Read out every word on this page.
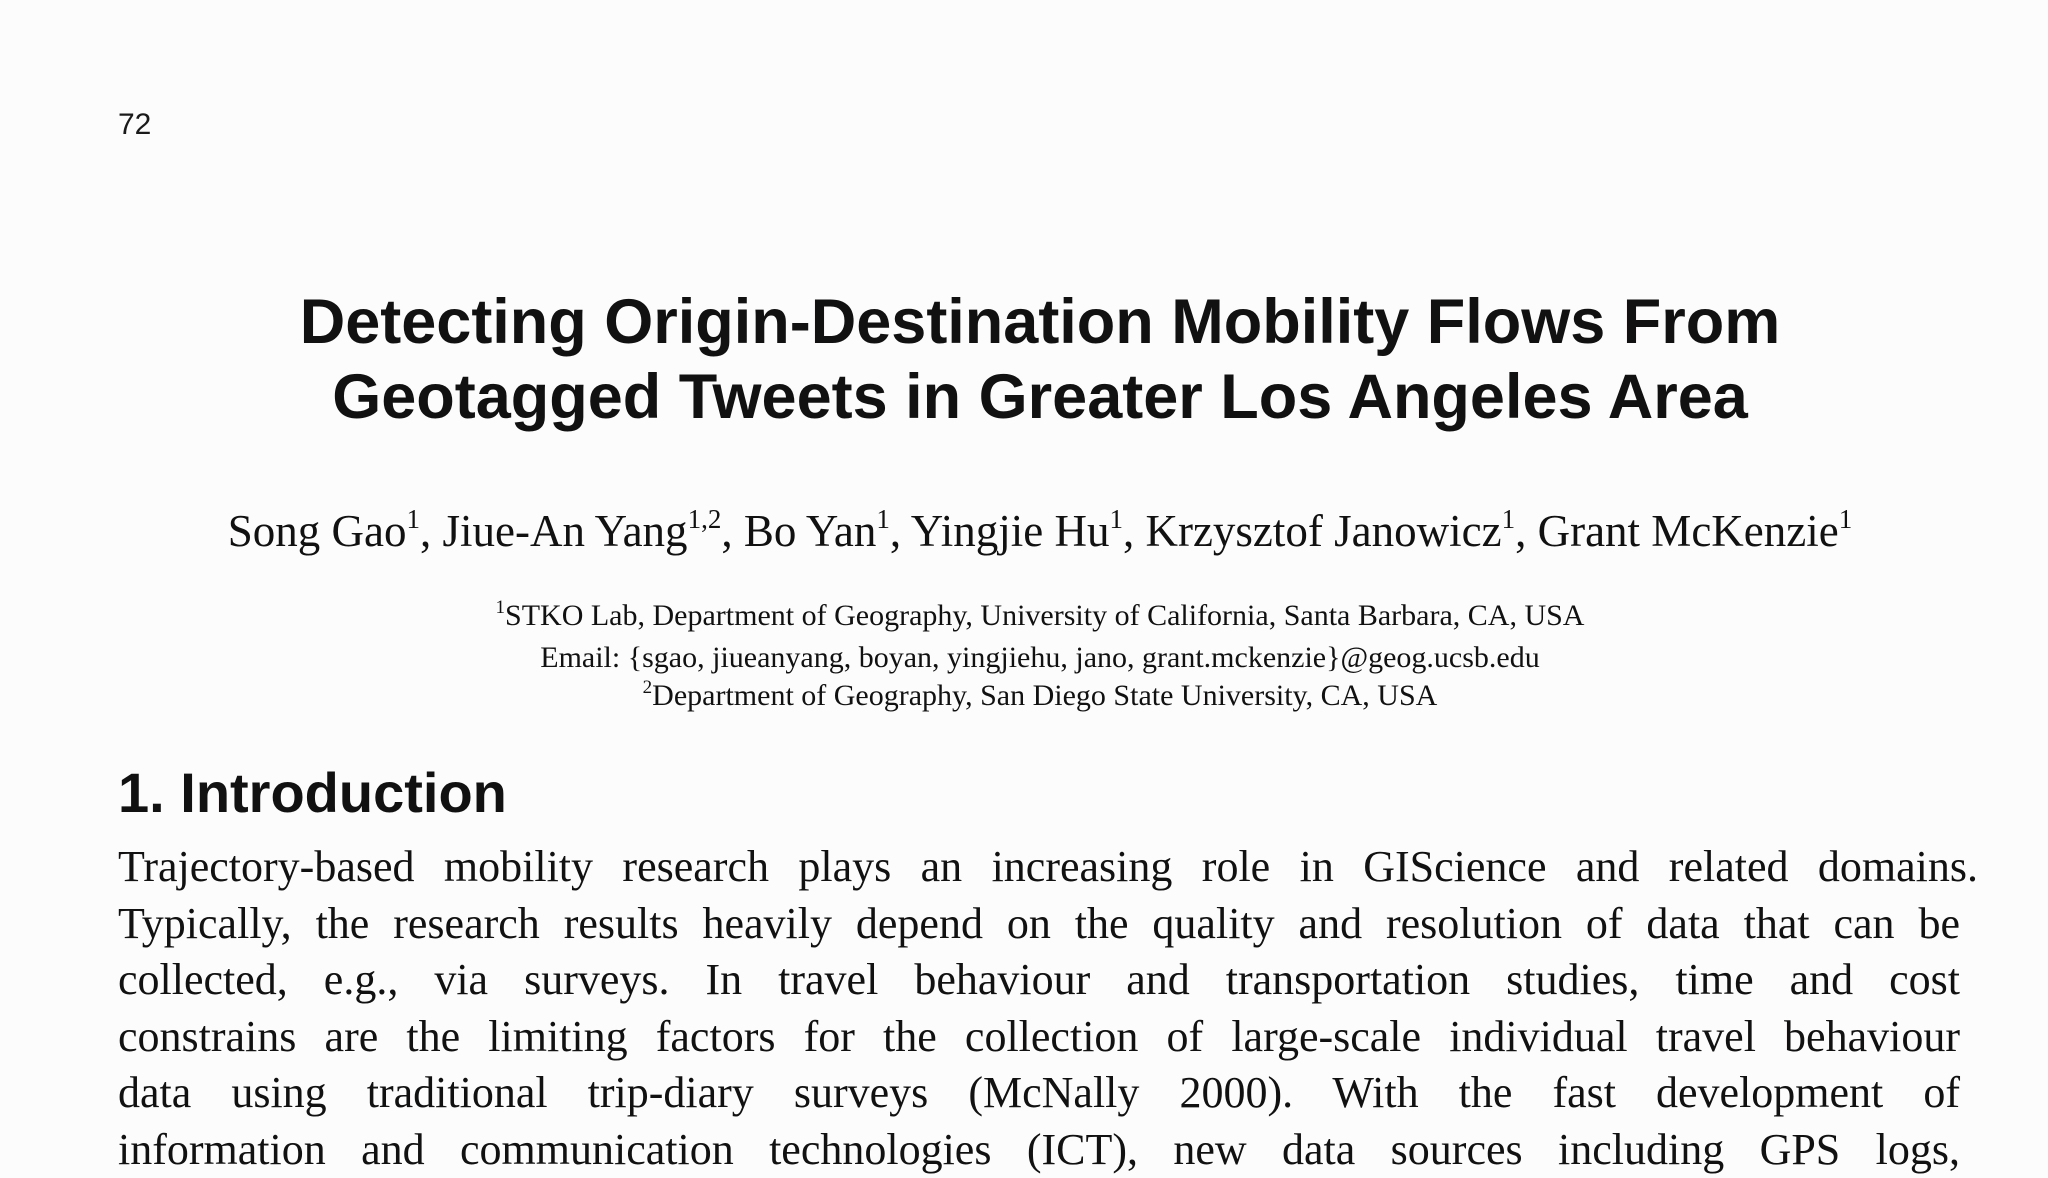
72
Detecting Origin-Destination Mobility Flows From
Geotagged Tweets in Greater Los Angeles Area
Song Gao$^1$, Jiue-An Yang$^{1,2}$, Bo Yan$^1$, Yingjie Hu$^1$, Krzysztof Janowicz$^1$, Grant McKenzie$^1$
$^1$STKO Lab, Department of Geography, University of California, Santa Barbara, CA, USA
Email: {sgao, jiueanyang, boyan, yingjiehu, jano, grant.mckenzie}@geog.ucsb.edu
$^2$Department of Geography, San Diego State University, CA, USA
1. Introduction
Trajectory-based mobility research plays an increasing role in GIScience and related domains.
Typically, the research results heavily depend on the quality and resolution of data that can be
collected, e.g., via surveys. In travel behaviour and transportation studies, time and cost
constrains are the limiting factors for the collection of large-scale individual travel behaviour
data using traditional trip-diary surveys (McNally 2000). With the fast development of
information and communication technologies (ICT), new data sources including GPS logs,
